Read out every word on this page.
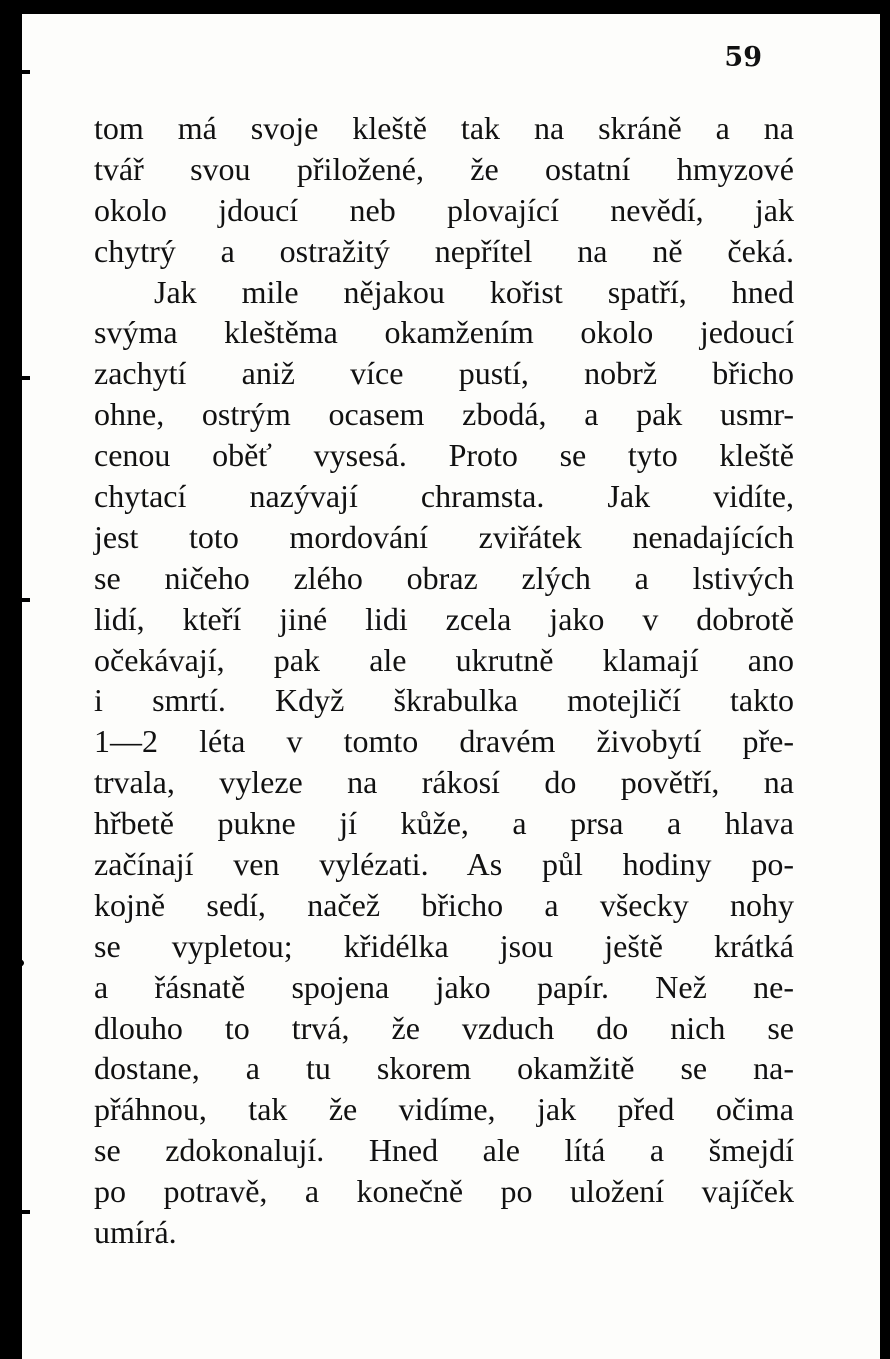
59
tom má svoje kleště tak na skráně a na
tvář svou přiložené, že ostatní hmyzové
okolo jdoucí neb plovající nevědí, jak
chytrý a ostražitý nepřítel na ně čeká.
Jak mile nějakou kořist spatří, hned
svýma kleštěma okamžením okolo jedoucí
zachytí aniž více pustí, nobrž břicho
ohne, ostrým ocasem zbodá, a pak usmr-
cenou oběť vysesá. Proto se tyto kleště
chytací nazývají chramsta. Jak vidíte,
jest toto mordování zviřátek nenadajících
se ničeho zlého obraz zlých a lstivých
lidí, kteří jiné lidi zcela jako v dobrotě
očekávají, pak ale ukrutně klamají ano
i smrtí. Když škrabulka motejličí takto
1—2 léta v tomto dravém živobytí pře-
trvala, vyleze na rákosí do povětří, na
hřbetě pukne jí kůže, a prsa a hlava
začínají ven vylézati. As půl hodiny po-
kojně sedí, načež břicho a všecky nohy
se vypletou; křidélka jsou ještě krátká
a řásnatě spojena jako papír. Než ne-
dlouho to trvá, že vzduch do nich se
dostane, a tu skorem okamžitě se na-
přáhnou, tak že vidíme, jak před očima
se zdokonalují. Hned ale lítá a šmejdí
po potravě, a konečně po uložení vajíček
umírá.
